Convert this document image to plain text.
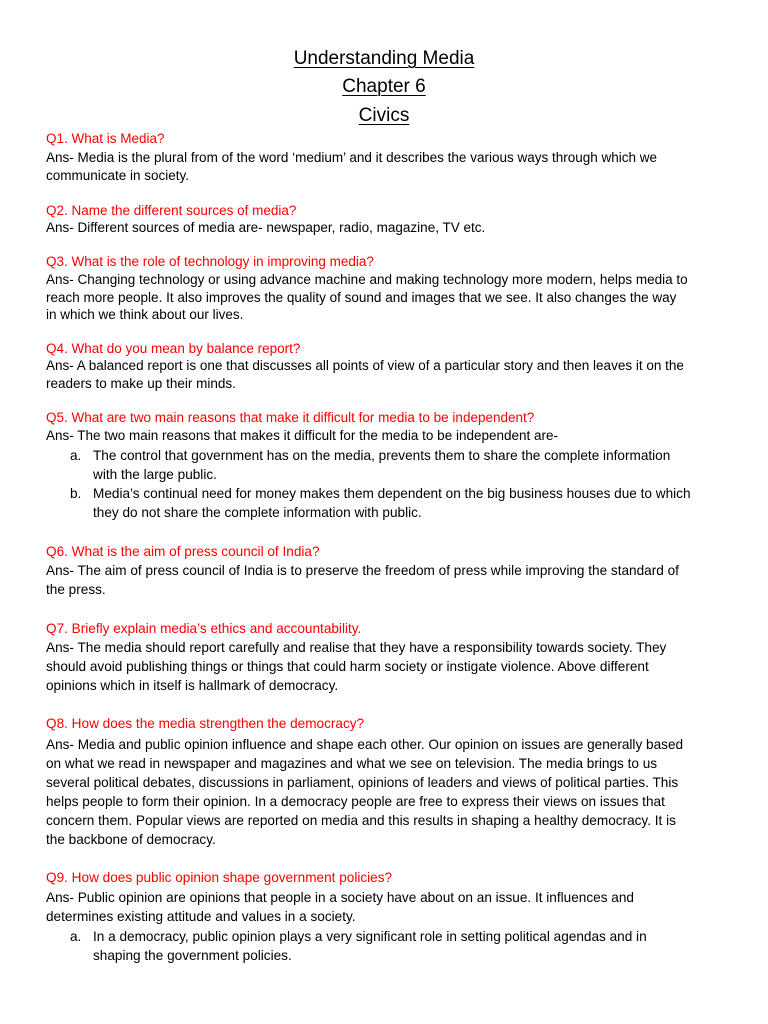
Understanding Media
Chapter 6
Civics
Q1. What is Media?
Ans- Media is the plural from of the word ‘medium’ and it describes the various ways through which we
communicate in society.
Q2. Name the different sources of media?
Ans- Different sources of media are- newspaper, radio, magazine, TV etc.
Q3. What is the role of technology in improving media?
Ans- Changing technology or using advance machine and making technology more modern, helps media to
reach more people. It also improves the quality of sound and images that we see. It also changes the way
in which we think about our lives.
Q4. What do you mean by balance report?
Ans- A balanced report is one that discusses all points of view of a particular story and then leaves it on the
readers to make up their minds.
Q5. What are two main reasons that make it difficult for media to be independent?
Ans- The two main reasons that makes it difficult for the media to be independent are-
a. The control that government has on the media, prevents them to share the complete information
with the large public.
b. Media’s continual need for money makes them dependent on the big business houses due to which
they do not share the complete information with public.
Q6. What is the aim of press council of India?
Ans- The aim of press council of India is to preserve the freedom of press while improving the standard of
the press.
Q7. Briefly explain media’s ethics and accountability.
Ans- The media should report carefully and realise that they have a responsibility towards society. They
should avoid publishing things or things that could harm society or instigate violence. Above different
opinions which in itself is hallmark of democracy.
Q8. How does the media strengthen the democracy?
Ans- Media and public opinion influence and shape each other. Our opinion on issues are generally based
on what we read in newspaper and magazines and what we see on television. The media brings to us
several political debates, discussions in parliament, opinions of leaders and views of political parties. This
helps people to form their opinion. In a democracy people are free to express their views on issues that
concern them. Popular views are reported on media and this results in shaping a healthy democracy. It is
the backbone of democracy.
Q9. How does public opinion shape government policies?
Ans- Public opinion are opinions that people in a society have about on an issue. It influences and
determines existing attitude and values in a society.
a. In a democracy, public opinion plays a very significant role in setting political agendas and in
shaping the government policies.
